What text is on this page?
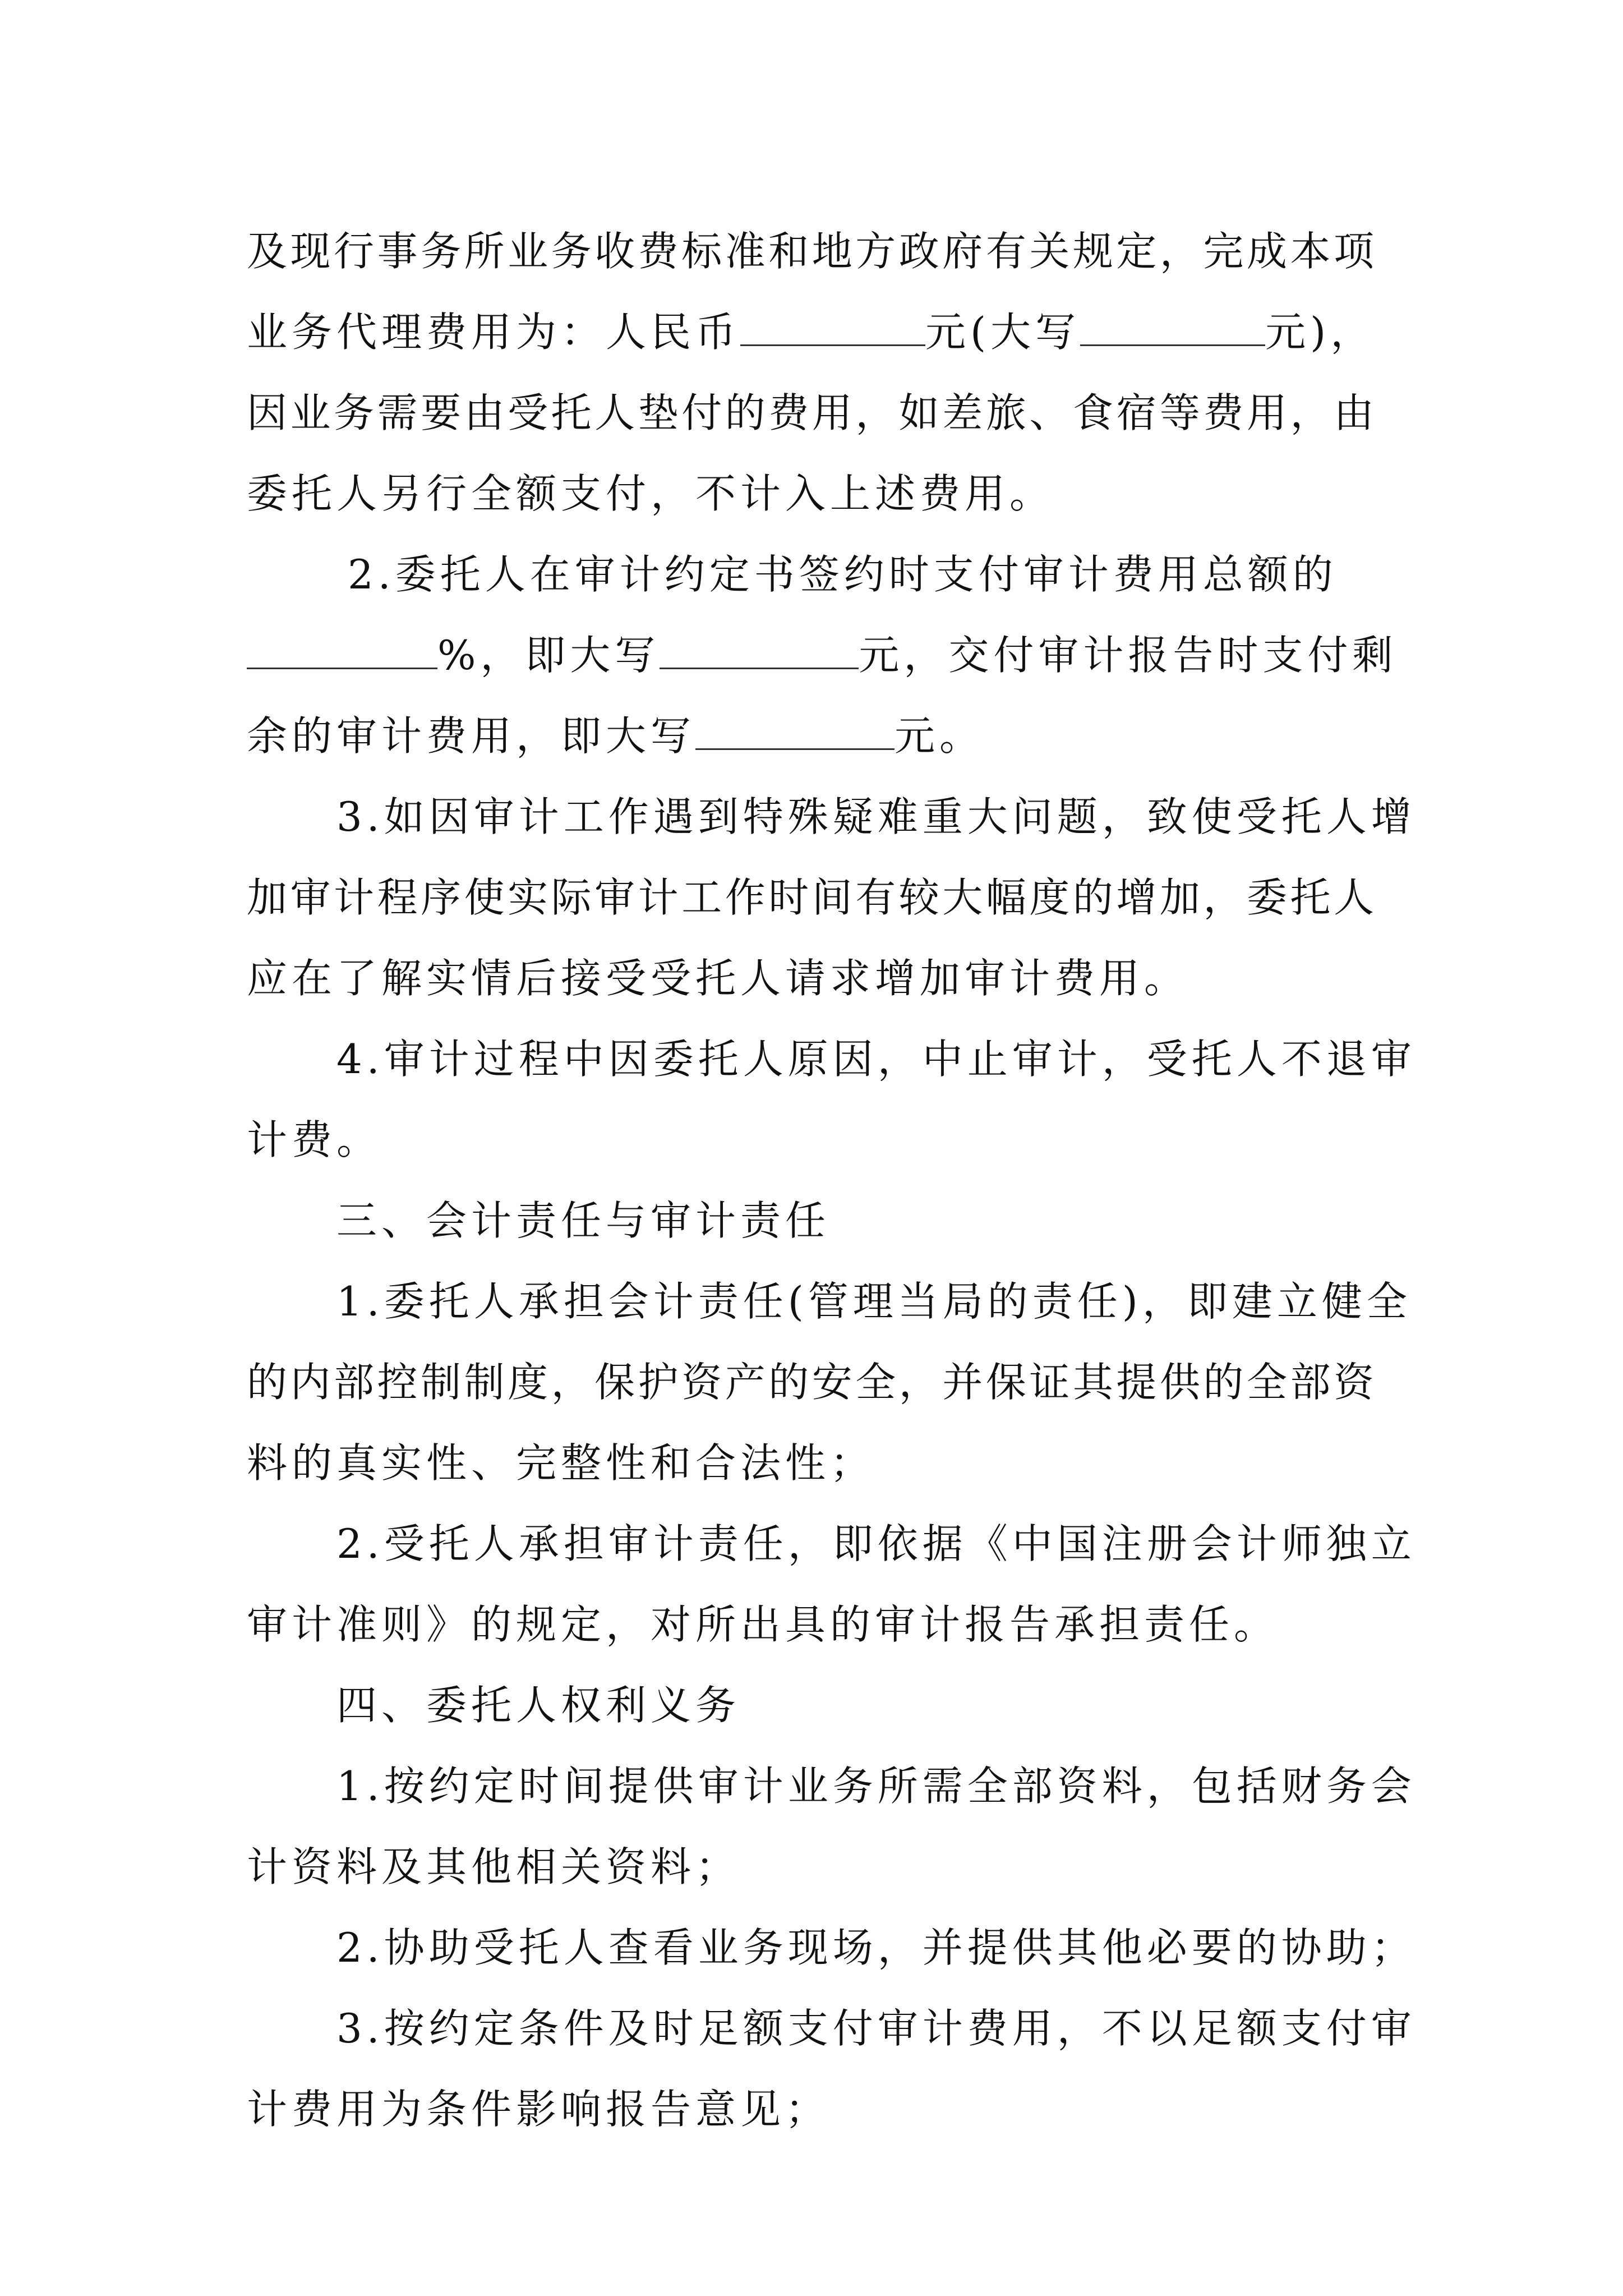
及现行事务所业务收费标准和地方政府有关规定，完成本项
业务代理费用为：人民币	元(大写	元)，
因业务需要由受托人垫付的费用，如差旅、食宿等费用，由
委托人另行全额支付，不计入上述费用。
2.委托人在审计约定书签约时支付审计费用总额的
%，即大写	元，交付审计报告时支付剩
余的审计费用，即大写	元。
3.如因审计工作遇到特殊疑难重大问题，致使受托人增
加审计程序使实际审计工作时间有较大幅度的增加，委托人
应在了解实情后接受受托人请求增加审计费用。
4.审计过程中因委托人原因，中止审计，受托人不退审
计费。
三、会计责任与审计责任
1.委托人承担会计责任(管理当局的责任)，即建立健全
的内部控制制度，保护资产的安全，并保证其提供的全部资
料的真实性、完整性和合法性；
2.受托人承担审计责任，即依据《中国注册会计师独立
审计准则》的规定，对所出具的审计报告承担责任。
四、委托人权利义务
1.按约定时间提供审计业务所需全部资料，包括财务会
计资料及其他相关资料；
2.协助受托人查看业务现场，并提供其他必要的协助；
3.按约定条件及时足额支付审计费用，不以足额支付审
计费用为条件影响报告意见；
